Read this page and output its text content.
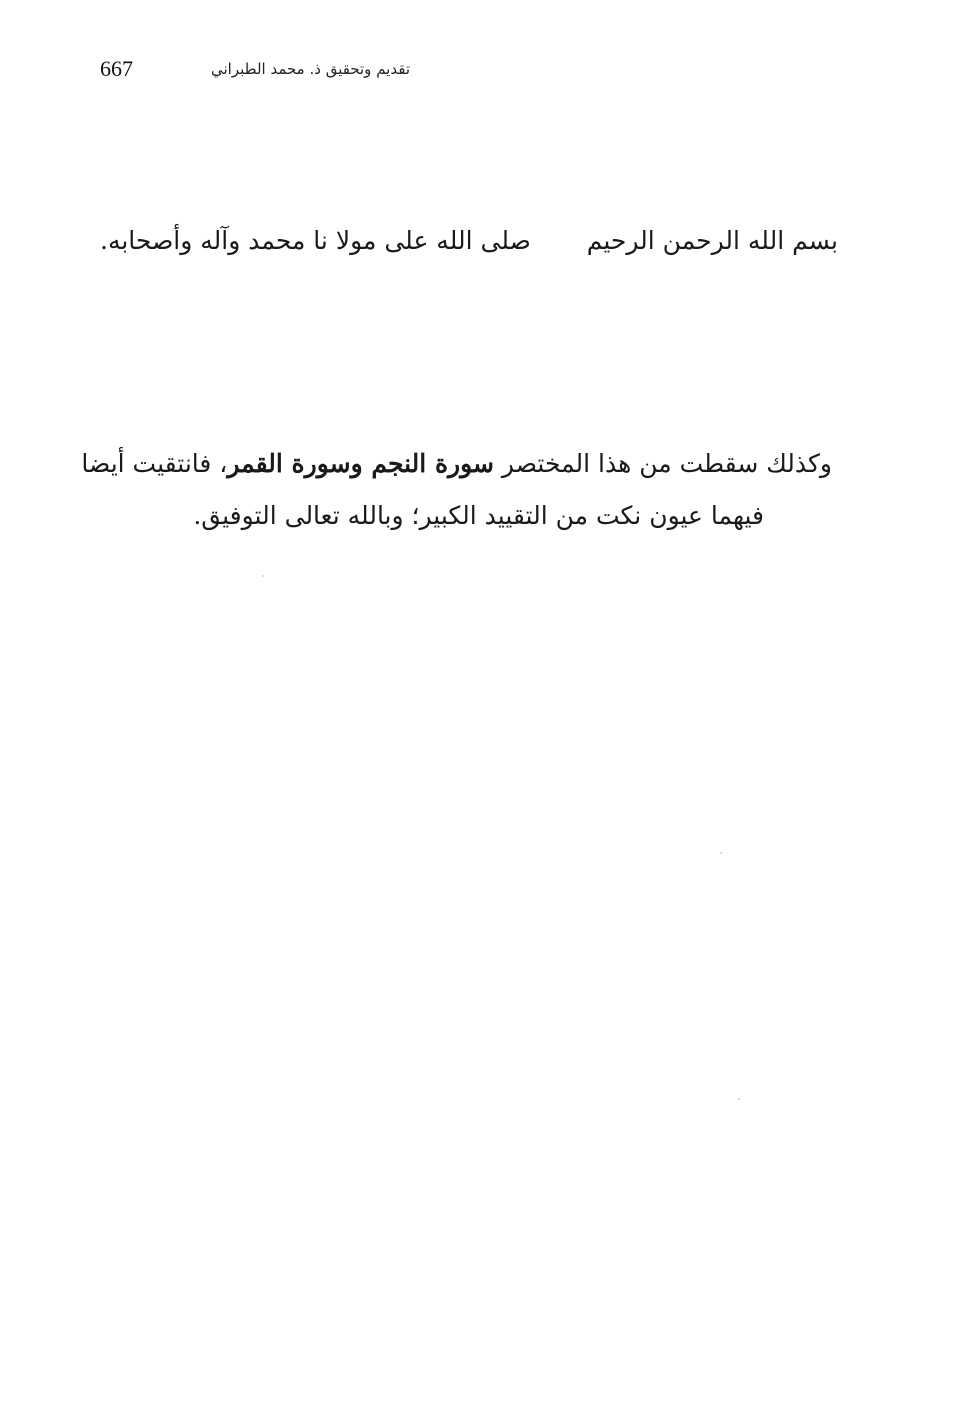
667	تقديم وتحقيق ذ. محمد الطبراني
بسم الله الرحمن الرحيم
صلى الله على مولا نا محمد وآله وأصحابه.
وكذلك سقطت من هذا المختصر سورة النجم وسورة القمر، فانتقيت أيضا
فيهما عيون نكت من التقييد الكبير؛ وبالله تعالى التوفيق.
